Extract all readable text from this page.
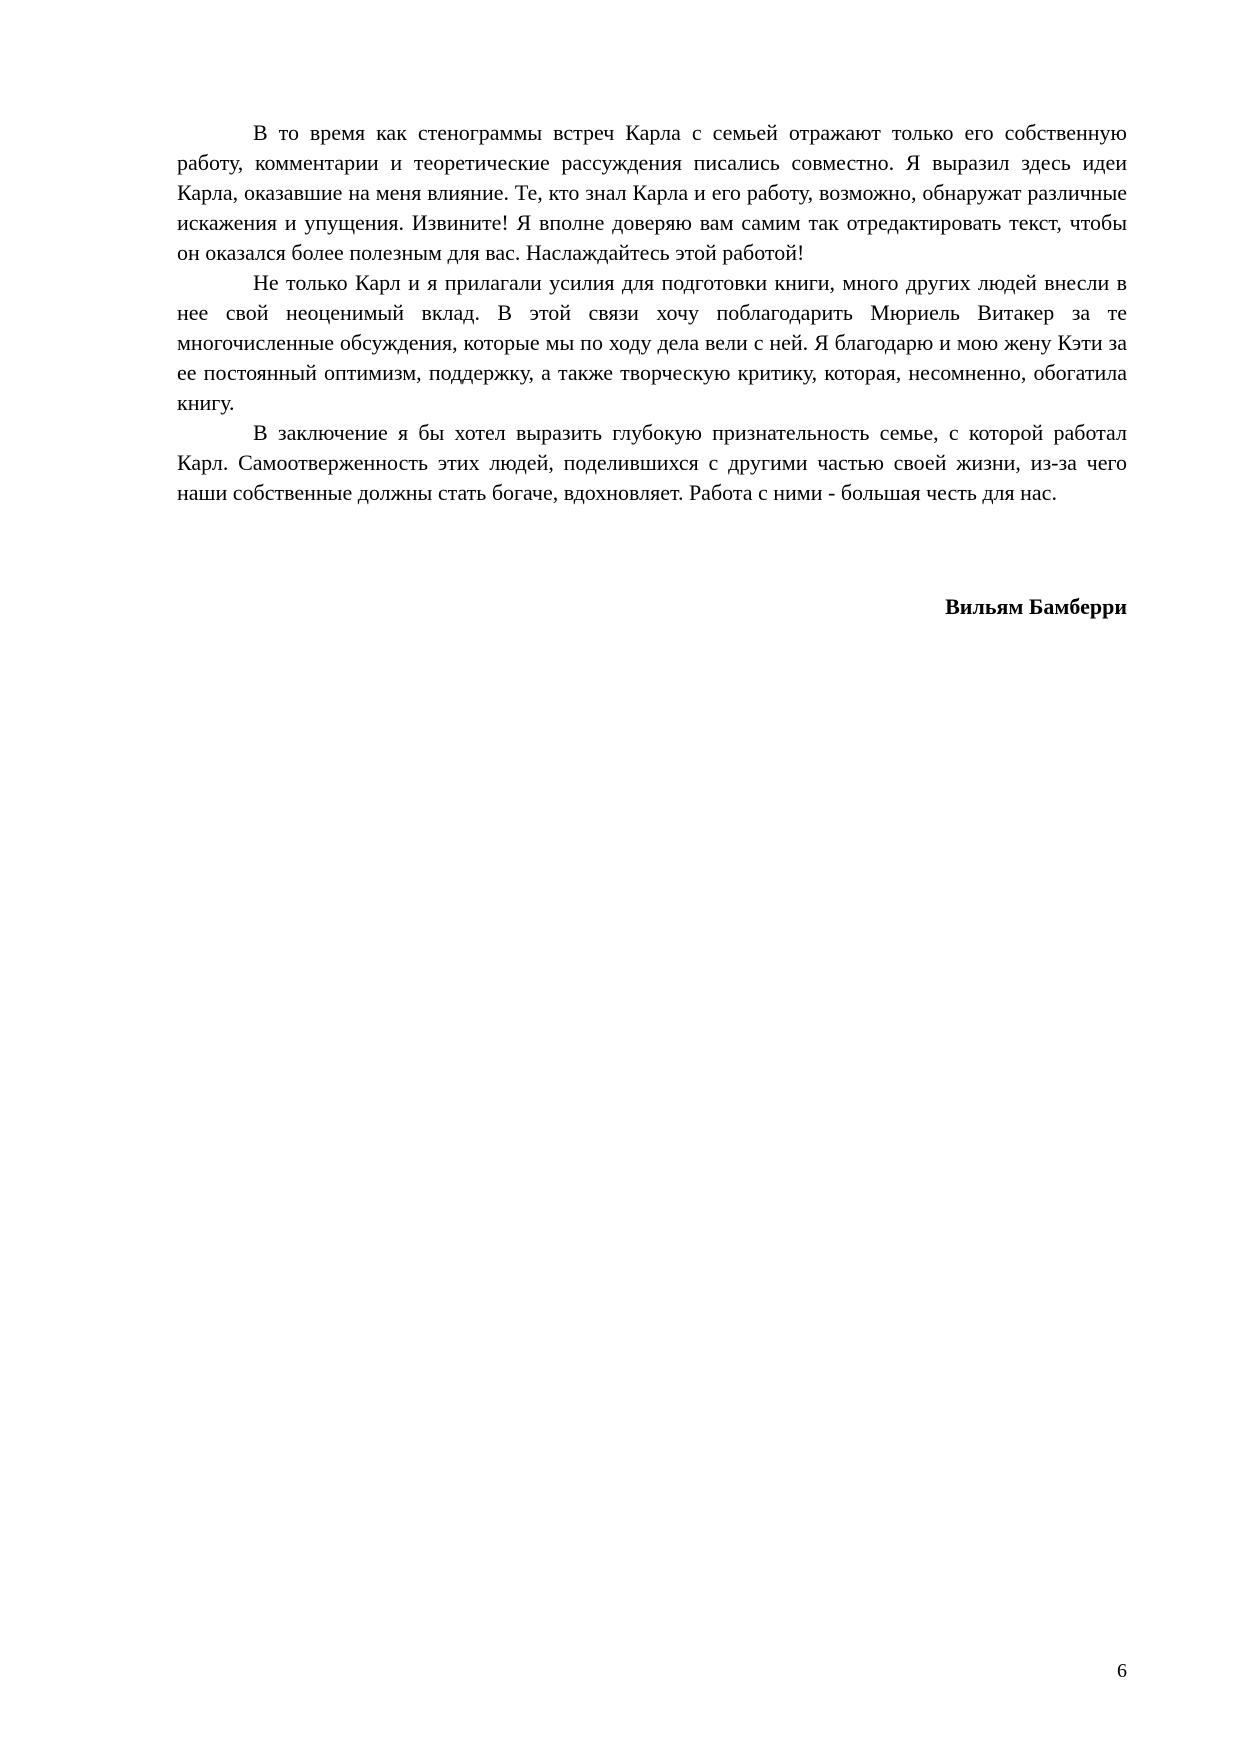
В то время как стенограммы встреч Карла с семьей отражают только его собственную работу, комментарии и теоретические рассуждения писались совместно. Я выразил здесь идеи Карла, оказавшие на меня влияние. Те, кто знал Карла и его работу, возможно, обнаружат различные искажения и упущения. Извините! Я вполне доверяю вам самим так отредактировать текст, чтобы он оказался более полезным для вас. Наслаждайтесь этой работой!

Не только Карл и я прилагали усилия для подготовки книги, много других людей внесли в нее свой неоценимый вклад. В этой связи хочу поблагодарить Мюриель Витакер за те многочисленные обсуждения, которые мы по ходу дела вели с ней. Я благодарю и мою жену Кэти за ее постоянный оптимизм, поддержку, а также творческую критику, которая, несомненно, обогатила книгу.

В заключение я бы хотел выразить глубокую признательность семье, с которой работал Карл. Самоотверженность этих людей, поделившихся с другими частью своей жизни, из-за чего наши собственные должны стать богаче, вдохновляет. Работа с ними - большая честь для нас.

Вильям Бамберри
6
